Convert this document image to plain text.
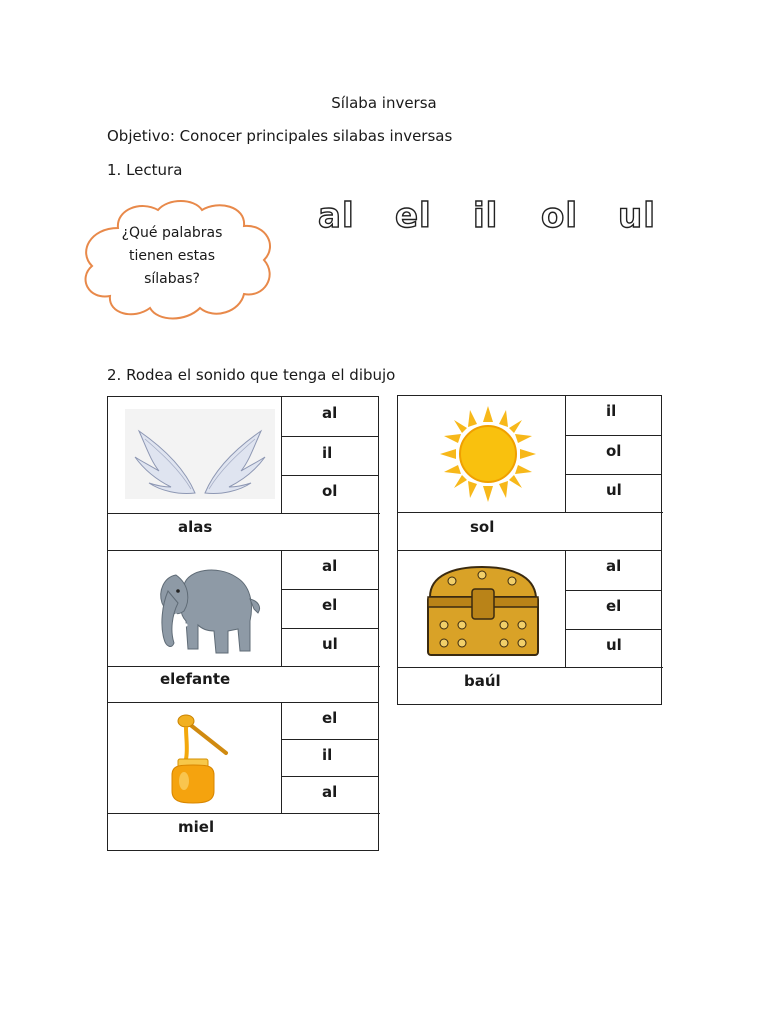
Sílaba inversa
Objetivo: Conocer principales silabas inversas
1. Lectura
¿Qué palabras
tienen estas
sílabas?
al el il ol ul
2. Rodea el sonido que tenga el dibujo
al
il
ol
alas
il
ol
ul
sol
al
el
ul
elefante
al
el
ul
baúl
el
il
al
miel
